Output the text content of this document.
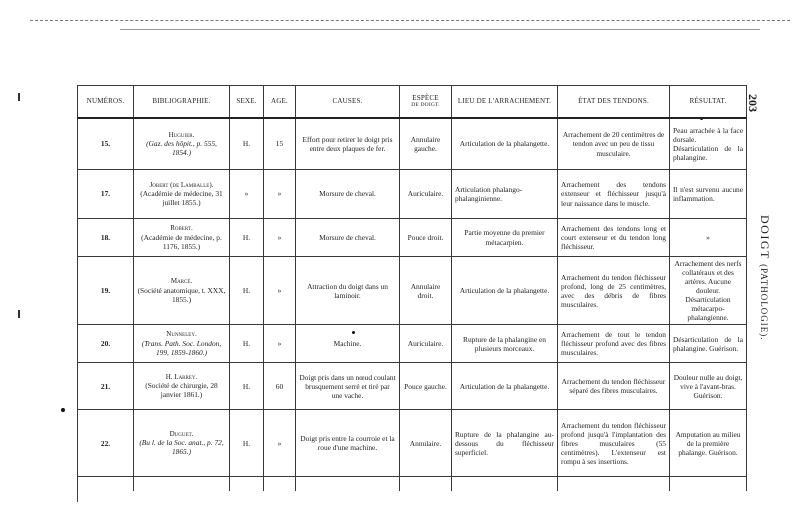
203
DOIGT (PATHOLOGIE).
NUMÉROS.	BIBLIOGRAPHIE.	SEXE.	AGE.	CAUSES.	ESPÈCE
DE DOIGT.	LIEU DE L'ARRACHEMENT.	ÉTAT DES TENDONS.	RÉSULTAT.
15.	Huguier.
(Gaz. des hôpit., p. 555, 1854.)	H.	15	Effort pour retirer le doigt pris entre deux plaques de fer.	Annulaire gauche.	Articulation de la phalangette.	Arrachement de 20 centimètres de tendon avec un peu de tissu musculaire.	Peau arrachée à la face dorsale. Désarticulation de la phalangine.
17.	Jobert (de Lamballe).
(Académie de médecine, 31 juillet 1855.)	»	»	Morsure de cheval.	Auriculaire.	Articulation phalango-phalanginienne.	Arrachement des tendons extenseur et fléchisseur jusqu'à leur naissance dans le muscle.	Il n'est survenu aucune inflammation.
18.	Robert.
(Académie de médecine, p. 1176, 1855.)	H.	»	Morsure de cheval.	Pouce droit.	Partie moyenne du premier métacarpien.	Arrachement des tendons long et court extenseur et du tendon long fléchisseur.	»
19.	Marcé.
(Société anatomique, t. XXX, 1855.)	H.	»	Attraction du doigt dans un laminoir.	Annulaire droit.	Articulation de la phalangette.	Arrachement du tendon fléchisseur profond, long de 25 centimètres, avec des débris de fibres musculaires.	Arrachement des nerfs collatéraux et des artères. Aucune douleur. Désarticulation métacarpo-phalangienne.
20.	Nunneley.
(Trans. Path. Soc. London, 199, 1859-1860.)	H.	»	Machine.	Auriculaire.	Rupture de la phalangine en plusieurs morceaux.	Arrachement de tout le tendon fléchisseur profond avec des fibres musculaires.	Désarticulation de la phalangine. Guérison.
21.	H. Larrey.
(Société de chirurgie, 28 janvier 1861.)	H.	60	Doigt pris dans un nœud coulant brusquement serré et tiré par une vache.	Pouce gauche.	Articulation de la phalangette.	Arrachement du tendon fléchisseur séparé des fibres musculaires.	Douleur nulle au doigt, vive à l'avant-bras. Guérison.
22.	Duguet.
(Bu l. de la Soc. anat., p. 72, 1865.)	H.	»	Doigt pris entre la courroie et la roue d'une machine.	Annulaire.	Rupture de la phalangine au-dessous du fléchisseur superficiel.	Arrachement du tendon fléchisseur profond jusqu'à l'implantation des fibres musculaires (55 centimètres). L'extenseur est rompu à ses insertions.	Amputation au milieu de la première phalange. Guérison.
